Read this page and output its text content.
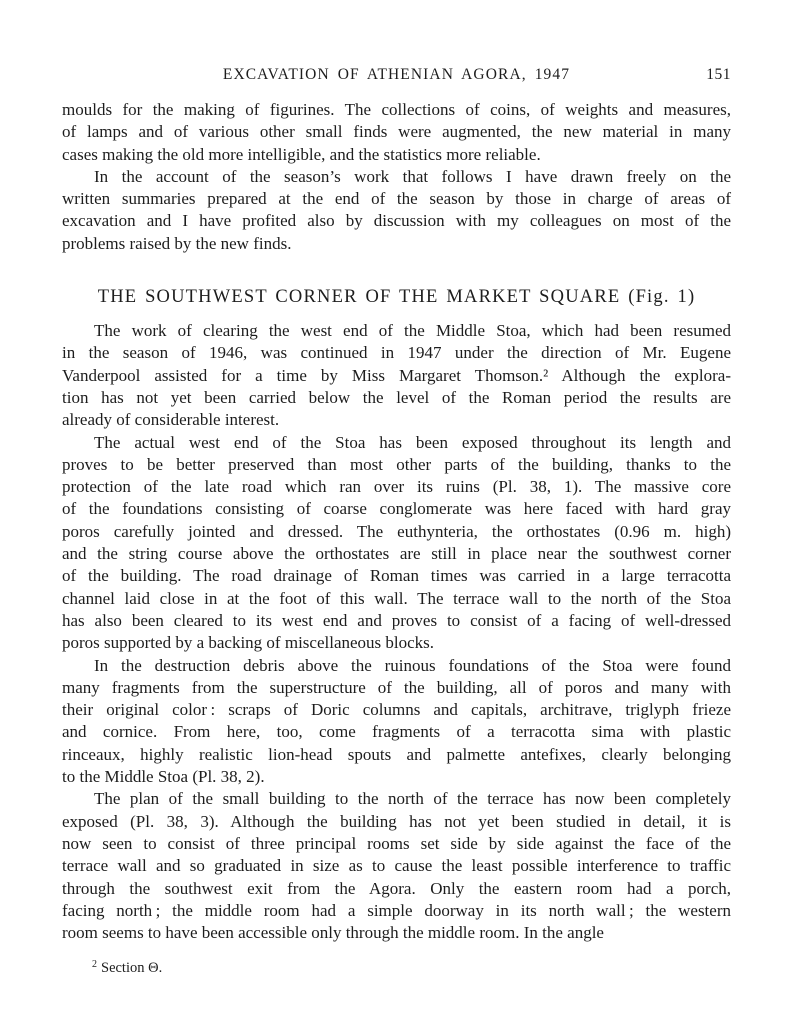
EXCAVATION OF ATHENIAN AGORA, 1947	151

moulds for the making of figurines. The collections of coins, of weights and measures,
of lamps and of various other small finds were augmented, the new material in many
cases making the old more intelligible, and the statistics more reliable.

In the account of the season’s work that follows I have drawn freely on the
written summaries prepared at the end of the season by those in charge of areas of
excavation and I have profited also by discussion with my colleagues on most of the
problems raised by the new finds.

THE SOUTHWEST CORNER OF THE MARKET SQUARE (Fig. 1)

The work of clearing the west end of the Middle Stoa, which had been resumed
in the season of 1946, was continued in 1947 under the direction of Mr. Eugene
Vanderpool assisted for a time by Miss Margaret Thomson.² Although the explora-
tion has not yet been carried below the level of the Roman period the results are
already of considerable interest.

The actual west end of the Stoa has been exposed throughout its length and
proves to be better preserved than most other parts of the building, thanks to the
protection of the late road which ran over its ruins (Pl. 38, 1). The massive core
of the foundations consisting of coarse conglomerate was here faced with hard gray
poros carefully jointed and dressed. The euthynteria, the orthostates (0.96 m. high)
and the string course above the orthostates are still in place near the southwest corner
of the building. The road drainage of Roman times was carried in a large terracotta
channel laid close in at the foot of this wall. The terrace wall to the north of the Stoa
has also been cleared to its west end and proves to consist of a facing of well-dressed
poros supported by a backing of miscellaneous blocks.

In the destruction debris above the ruinous foundations of the Stoa were found
many fragments from the superstructure of the building, all of poros and many with
their original color : scraps of Doric columns and capitals, architrave, triglyph frieze
and cornice. From here, too, come fragments of a terracotta sima with plastic
rinceaux, highly realistic lion-head spouts and palmette antefixes, clearly belonging
to the Middle Stoa (Pl. 38, 2).

The plan of the small building to the north of the terrace has now been completely
exposed (Pl. 38, 3). Although the building has not yet been studied in detail, it is
now seen to consist of three principal rooms set side by side against the face of the
terrace wall and so graduated in size as to cause the least possible interference to traffic
through the southwest exit from the Agora. Only the eastern room had a porch,
facing north ; the middle room had a simple doorway in its north wall ; the western
room seems to have been accessible only through the middle room. In the angle

$^2$ Section Θ.
